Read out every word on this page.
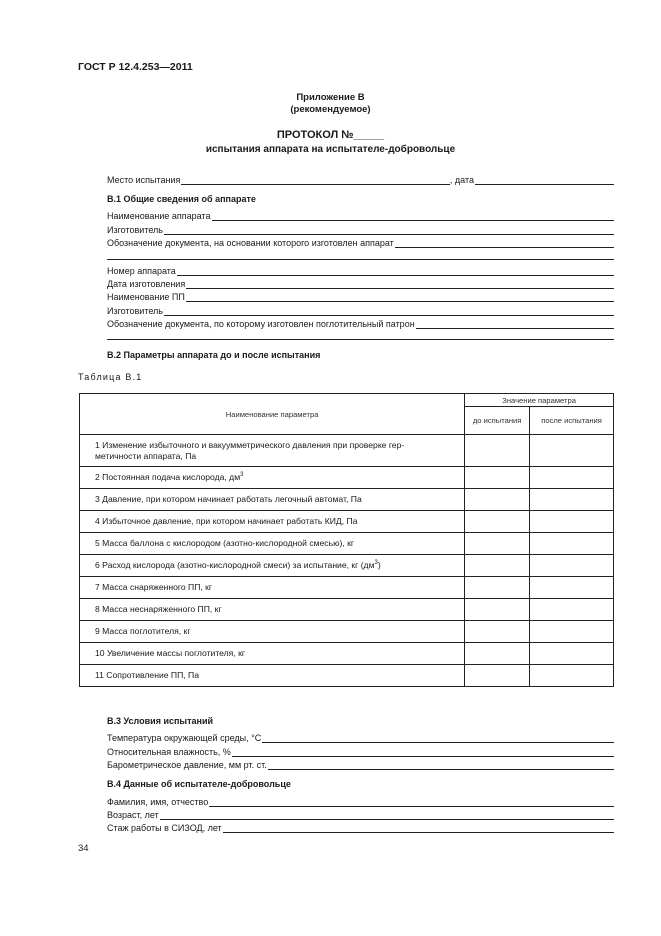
ГОСТ Р 12.4.253—2011
Приложение В
(рекомендуемое)
ПРОТОКОЛ №_____
испытания аппарата на испытателе-добровольце
Место испытания	, дата
В.1 Общие сведения об аппарате
Наименование аппарата
Изготовитель
Обозначение документа, на основании которого изготовлен аппарат
Номер аппарата
Дата изготовления
Наименование ПП
Изготовитель
Обозначение документа, по которому изготовлен поглотительный патрон
В.2 Параметры аппарата до и после испытания
Таблица В.1
Наименование параметра	Значение параметра	
	до испытания	после испытания
1 Изменение избыточного и вакуумметрического давления при проверке гер-
метичности аппарата, Па		
2 Постоянная подача кислорода, $дм^3$		
3 Давление, при котором начинает работать легочный автомат, Па		
4 Избыточное давление, при котором начинает работать КИД, Па		
5 Масса баллона с кислородом (азотно-кислородной смесью), кг		
6 Расход кислорода (азотно-кислородной смеси) за испытание, кг $(дм^3)$		
7 Масса снаряженного ПП, кг		
8 Масса неснаряженного ПП, кг		
9 Масса поглотителя, кг		
10 Увеличение массы поглотителя, кг		
11 Сопротивление ПП, Па		
В.3 Условия испытаний
Температура окружающей среды, °С
Относительная влажность, %
Барометрическое давление, мм рт. ст.
В.4 Данные об испытателе-добровольце
Фамилия, имя, отчество
Возраст, лет
Стаж работы в СИЗОД, лет
34
